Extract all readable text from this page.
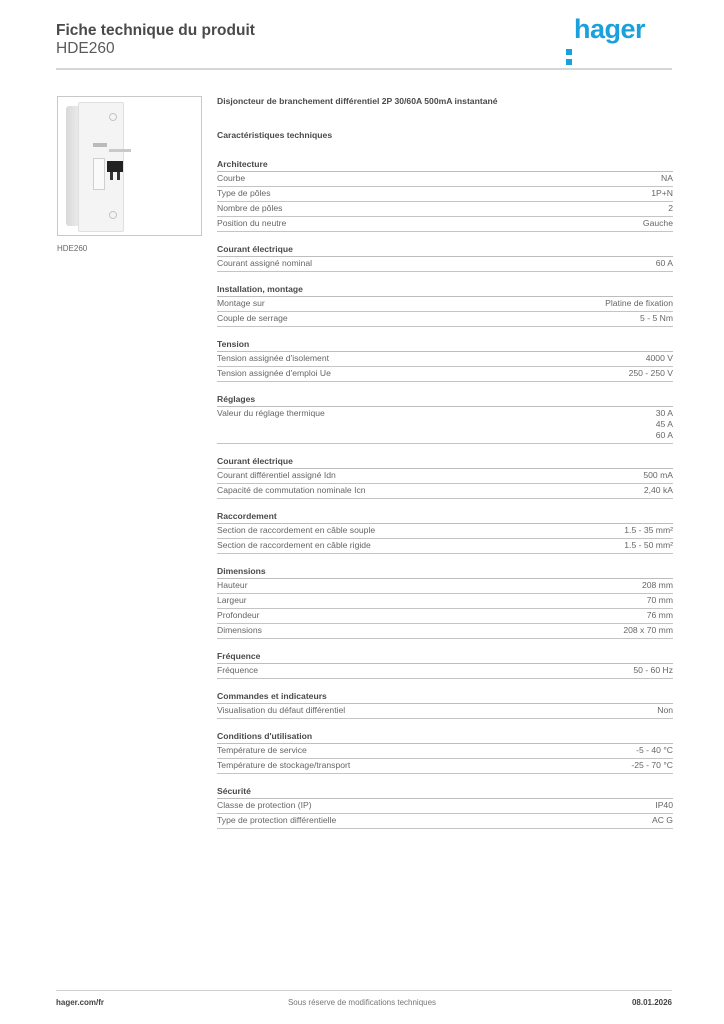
Fiche technique du produit
HDE260
hager
HDE260
Disjoncteur de branchement différentiel 2P 30/60A 500mA instantané
Caractéristiques techniques
Architecture
Courbe	NA
Type de pôles	1P+N
Nombre de pôles	2
Position du neutre	Gauche
Courant électrique
Courant assigné nominal	60 A
Installation, montage
Montage sur	Platine de fixation
Couple de serrage	5 - 5 Nm
Tension
Tension assignée d'isolement	4000 V
Tension assignée d'emploi Ue	250 - 250 V
Réglages
Valeur du réglage thermique	30 A
45 A
60 A
Courant électrique
Courant différentiel assigné Idn	500 mA
Capacité de commutation nominale Icn	2,40 kA
Raccordement
Section de raccordement en câble souple	1.5 - 35 mm²
Section de raccordement en câble rigide	1.5 - 50 mm²
Dimensions
Hauteur	208 mm
Largeur	70 mm
Profondeur	76 mm
Dimensions	208 x 70 mm
Fréquence
Fréquence	50 - 60 Hz
Commandes et indicateurs
Visualisation du défaut différentiel	Non
Conditions d'utilisation
Température de service	-5 - 40 °C
Température de stockage/transport	-25 - 70 °C
Sécurité
Classe de protection (IP)	IP40
Type de protection différentielle	AC G
hager.com/fr	Sous réserve de modifications techniques	08.01.2026
